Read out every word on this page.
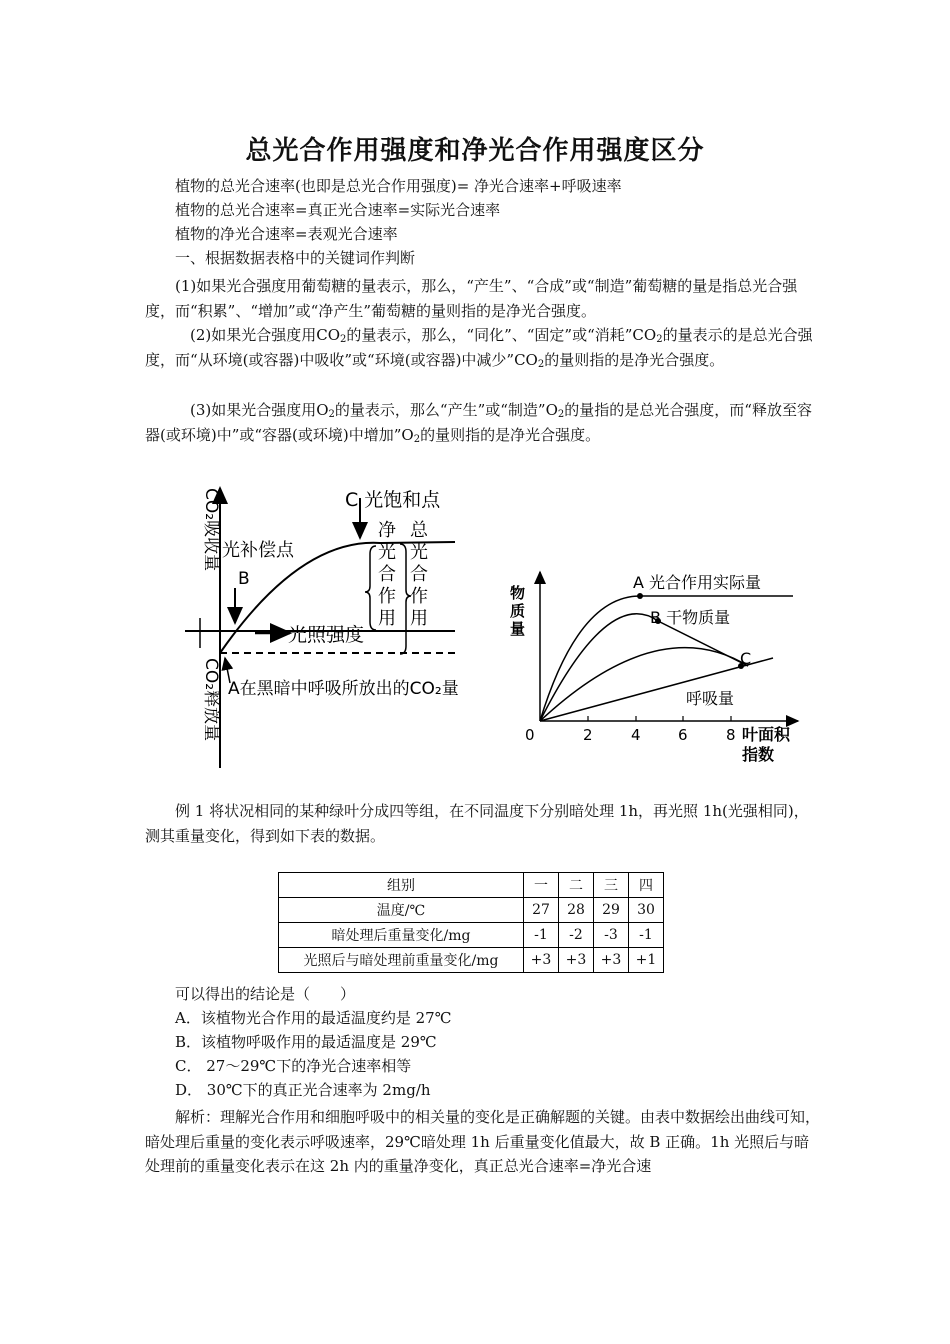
总光合作用强度和净光合作用强度区分
植物的总光合速率(也即是总光合作用强度)= 净光合速率+呼吸速率
植物的总光合速率=真正光合速率=实际光合速率
植物的净光合速率=表观光合速率
一、根据数据表格中的关键词作判断

(1)如果光合强度用葡萄糖的量表示，那么，“产生”、“合成”或“制造”葡萄糖的量是指总光合强度，而“积累”、“增加”或“净产生”葡萄糖的量则指的是净光合强度。

(2)如果光合强度用$CO_2$的量表示，那么，“同化”、“固定”或“消耗$”CO_2$的量表示的是总光合强度，而“从环境(或容器)中吸收”或“环境(或容器)中减少$”CO_2$的量则指的是净光合强度。

(3)如果光合强度用$O_2$的量表示，那么“产生”或“制造$”O_2$的量指的是总光合强度，而“释放至容器(或环境)中”或“容器(或环境)中增加$”O_2$的量则指的是净光合强度。

CO₂吸收量
CO₂释放量
C 光饱和点
光补偿点
B
光照强度
A在黑暗中呼吸所放出的CO₂量
净
光
合
作
用
总
光
合
作
用
物
质
量
A 光合作用实际量
B 干物质量
C
呼吸量
0	2	4 6	8 叶面积
指数

例 1 将状况相同的某种绿叶分成四等组，在不同温度下分别暗处理 1h，再光照 1h(光强相同)，测其重量变化，得到如下表的数据。

组别	一	二	三	四
温度/℃	27	28	29	30
暗处理后重量变化/mg	-1	-2	-3	-1
光照后与暗处理前重量变化/mg	+3	+3	+3	+1
可以得出的结论是（　　）
A．该植物光合作用的最适温度约是 27℃
B．该植物呼吸作用的最适温度是 29℃
C． 27～29℃下的净光合速率相等
D． 30℃下的真正光合速率为 2mg/h

解析：理解光合作用和细胞呼吸中的相关量的变化是正确解题的关键。由表中数据绘出曲线可知，暗处理后重量的变化表示呼吸速率，29℃暗处理 1h 后重量变化值最大，故 B 正确。1h 光照后与暗处理前的重量变化表示在这 2h 内的重量净变化，真正总光合速率=净光合速
